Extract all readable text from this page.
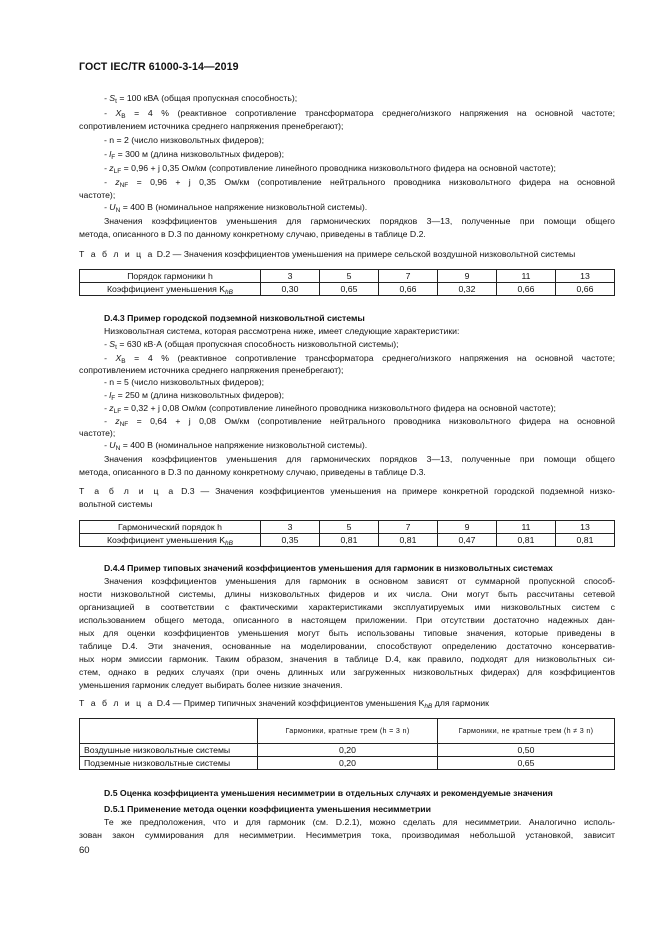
ГОСТ IEC/TR 61000-3-14—2019
- $S_t = 100$ кВА (общая пропускная способность);
- $X_B = 4$ % (реактивное сопротивление трансформатора среднего/низкого напряжения на основной частоте;
сопротивлением источника среднего напряжения пренебрегают);
- n = 2 (число низковольтных фидеров);
- $l_F = 300$ м (длина низковольтных фидеров);
- $z_{LF} = 0,96 + j$ 0,35 Ом/км (сопротивление линейного проводника низковольтного фидера на основной частоте);
- $z_{NF} = 0,96 + j$ 0,35 Ом/км (сопротивление нейтрального проводника низковольтного фидера на основной
частоте);
- $U_N = 400$ В (номинальное напряжение низковольтной системы).
Значения коэффициентов уменьшения для гармонических порядков 3—13, полученные при помощи общего
метода, описанного в D.3 по данному конкретному случаю, приведены в таблице D.2.
Т а б л и ц а D.2 — Значения коэффициентов уменьшения на примере сельской воздушной низковольтной системы
Порядок гармоники h	3	5	7	9	11	13
Коэффициент уменьшения $K_{hB}$	0,30	0,65	0,66	0,32	0,66	0,66
D.4.3 Пример городской подземной низковольтной системы
Низковольтная система, которая рассмотрена ниже, имеет следующие характеристики:
- $S_t = 630$ кВ·А (общая пропускная способность низковольтной системы);
- $X_B = 4$ % (реактивное сопротивление трансформатора среднего/низкого напряжения на основной частоте;
сопротивлением источника среднего напряжения пренебрегают);
- n = 5 (число низковольтных фидеров);
- $l_F = 250$ м (длина низковольтных фидеров);
- $z_{LF} = 0,32 + j$ 0,08 Ом/км (сопротивление линейного проводника низковольтного фидера на основной частоте);
- $z_{NF} = 0,64 + j$ 0,08 Ом/км (сопротивление нейтрального проводника низковольтного фидера на основной
частоте);
- $U_N = 400$ В (номинальное напряжение низковольтной системы).
Значения коэффициентов уменьшения для гармонических порядков 3—13, полученные при помощи общего
метода, описанного в D.3 по данному конкретному случаю, приведены в таблице D.3.
Т а б л и ц а D.3 — Значения коэффициентов уменьшения на примере конкретной городской подземной низко-
вольтной системы
Гармонический порядок h	3	5	7	9	11	13
Коэффициент уменьшения $K_{hB}$	0,35	0,81	0,81	0,47	0,81	0,81
D.4.4 Пример типовых значений коэффициентов уменьшения для гармоник в низковольтных системах
Значения коэффициентов уменьшения для гармоник в основном зависят от суммарной пропускной способ-
ности низковольтной системы, длины низковольтных фидеров и их числа. Они могут быть рассчитаны сетевой
организацией в соответствии с фактическими характеристиками эксплуатируемых ими низковольтных систем с
использованием общего метода, описанного в настоящем приложении. При отсутствии достаточно надежных дан-
ных для оценки коэффициентов уменьшения могут быть использованы типовые значения, которые приведены в
таблице D.4. Эти значения, основанные на моделировании, способствуют определению достаточно консерватив-
ных норм эмиссии гармоник. Таким образом, значения в таблице D.4, как правило, подходят для низковольтных си-
стем, однако в редких случаях (при очень длинных или загруженных низковольтных фидерах) для коэффициентов
уменьшения гармоник следует выбирать более низкие значения.
Т а б л и ц а D.4 — Пример типичных значений коэффициентов уменьшения $K_{hB}$ для гармоник
	Гармоники, кратные трем (h = 3 n)	Гармоники, не кратные трем (h ≠ 3 n)
Воздушные низковольтные системы	0,20	0,50
Подземные низковольтные системы	0,20	0,65
D.5 Оценка коэффициента уменьшения несимметрии в отдельных случаях и рекомендуемые значения
D.5.1 Применение метода оценки коэффициента уменьшения несимметрии
Те же предположения, что и для гармоник (см. D.2.1), можно сделать для несимметрии. Аналогично исполь-
зован закон суммирования для несимметрии. Несимметрия тока, производимая небольшой установкой, зависит
60
